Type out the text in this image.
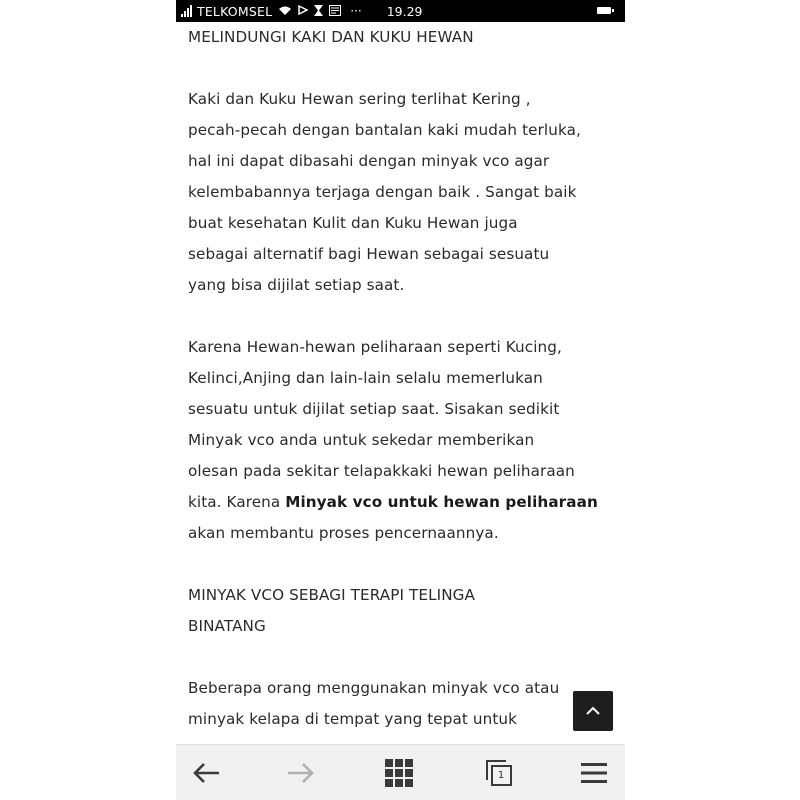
TELKOMSEL	··· 19.29

MELINDUNGI KAKI DAN KUKU HEWAN

Kaki dan Kuku Hewan sering terlihat Kering ,
pecah-pecah dengan bantalan kaki mudah terluka,
hal ini dapat dibasahi dengan minyak vco agar
kelembabannya terjaga dengan baik . Sangat baik
buat kesehatan Kulit dan Kuku Hewan juga
sebagai alternatif bagi Hewan sebagai sesuatu
yang bisa dijilat setiap saat.

Karena Hewan-hewan peliharaan seperti Kucing,
Kelinci,Anjing dan lain-lain selalu memerlukan
sesuatu untuk dijilat setiap saat. Sisakan sedikit
Minyak vco anda untuk sekedar memberikan
olesan pada sekitar telapakkaki hewan peliharaan
kita. Karena Minyak vco untuk hewan peliharaan
akan membantu proses pencernaannya.

MINYAK VCO SEBAGI TERAPI TELINGA
BINATANG

Beberapa orang menggunakan minyak vco atau
minyak kelapa di tempat yang tepat untuk

1
